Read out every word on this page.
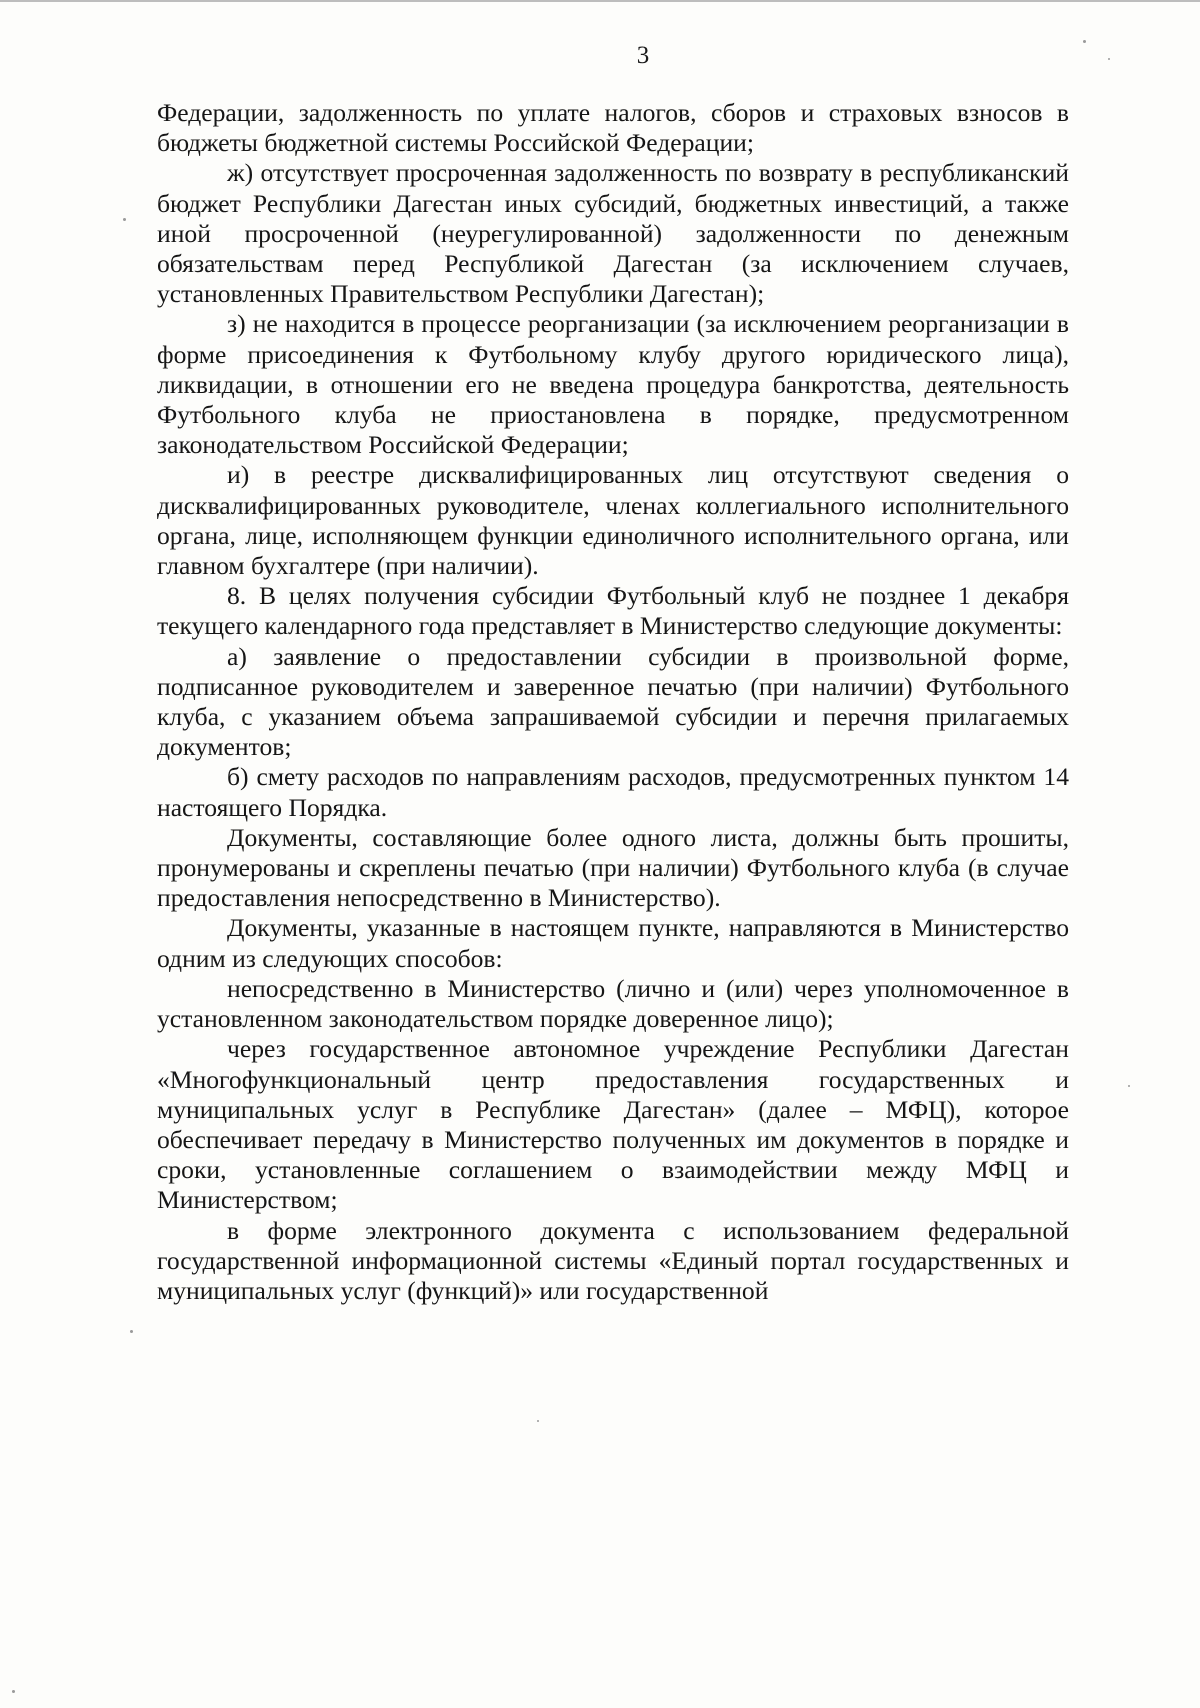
3

Федерации, задолженность по уплате налогов, сборов и страховых взносов в бюджеты бюджетной системы Российской Федерации;

ж) отсутствует просроченная задолженность по возврату в республиканский бюджет Республики Дагестан иных субсидий, бюджетных инвестиций, а также иной просроченной (неурегулированной) задолженности по денежным обязательствам перед Республикой Дагестан (за исключением случаев, установленных Правительством Республики Дагестан);

з) не находится в процессе реорганизации (за исключением реорганизации в форме присоединения к Футбольному клубу другого юридического лица), ликвидации, в отношении его не введена процедура банкротства, деятельность Футбольного клуба не приостановлена в порядке, предусмотренном законодательством Российской Федерации;

и) в реестре дисквалифицированных лиц отсутствуют сведения о дисквалифицированных руководителе, членах коллегиального исполнительного органа, лице, исполняющем функции единоличного исполнительного органа, или главном бухгалтере (при наличии).

8. В целях получения субсидии Футбольный клуб не позднее 1 декабря текущего календарного года представляет в Министерство следующие документы:

а) заявление о предоставлении субсидии в произвольной форме, подписанное руководителем и заверенное печатью (при наличии) Футбольного клуба, с указанием объема запрашиваемой субсидии и перечня прилагаемых документов;

б) смету расходов по направлениям расходов, предусмотренных пунктом 14 настоящего Порядка.

Документы, составляющие более одного листа, должны быть прошиты, пронумерованы и скреплены печатью (при наличии) Футбольного клуба (в случае предоставления непосредственно в Министерство).

Документы, указанные в настоящем пункте, направляются в Министерство одним из следующих способов:

непосредственно в Министерство (лично и (или) через уполномоченное в установленном законодательством порядке доверенное лицо);

через государственное автономное учреждение Республики Дагестан «Многофункциональный центр предоставления государственных и муниципальных услуг в Республике Дагестан» (далее – МФЦ), которое обеспечивает передачу в Министерство полученных им документов в порядке и сроки, установленные соглашением о взаимодействии между МФЦ и Министерством;

в форме электронного документа с использованием федеральной государственной информационной системы «Единый портал государственных и муниципальных услуг (функций)» или государственной
